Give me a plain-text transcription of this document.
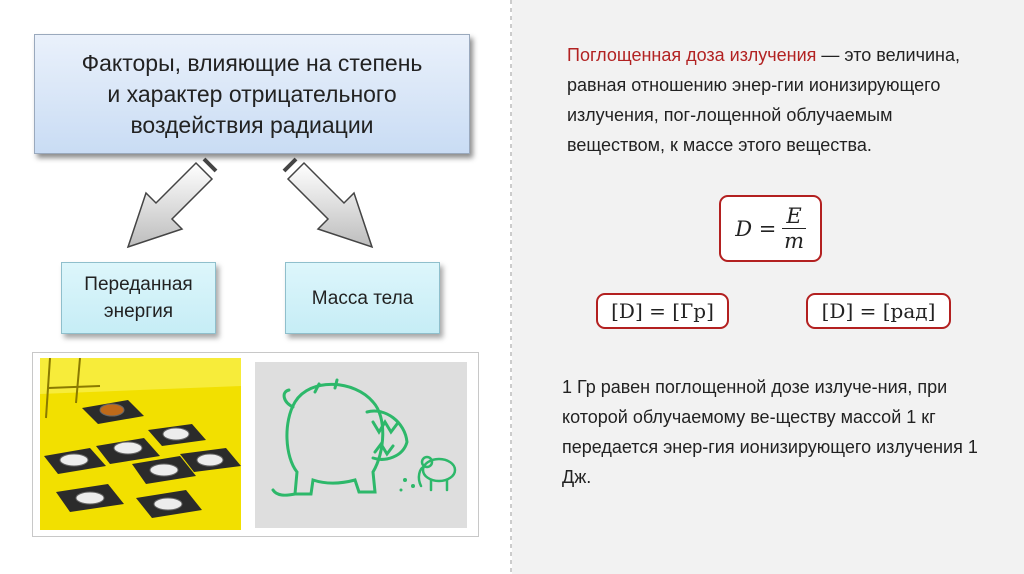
Факторы, влияющие на степень
и характер отрицательного
воздействия радиации
Переданная
энергия
Масса тела

Поглощенная доза излучения — это величина, равная отношению энер-гии ионизирующего излучения, пог-лощенной облучаемым веществом, к массе этого вещества.

$D = \frac{E}{m}$
[D] = [Гр]	[D] = [рад]

1 Гр равен поглощенной дозе излуче-ния, при которой облучаемому ве-ществу массой 1 кг передается энер-гия ионизирующего излучения 1 Дж.
